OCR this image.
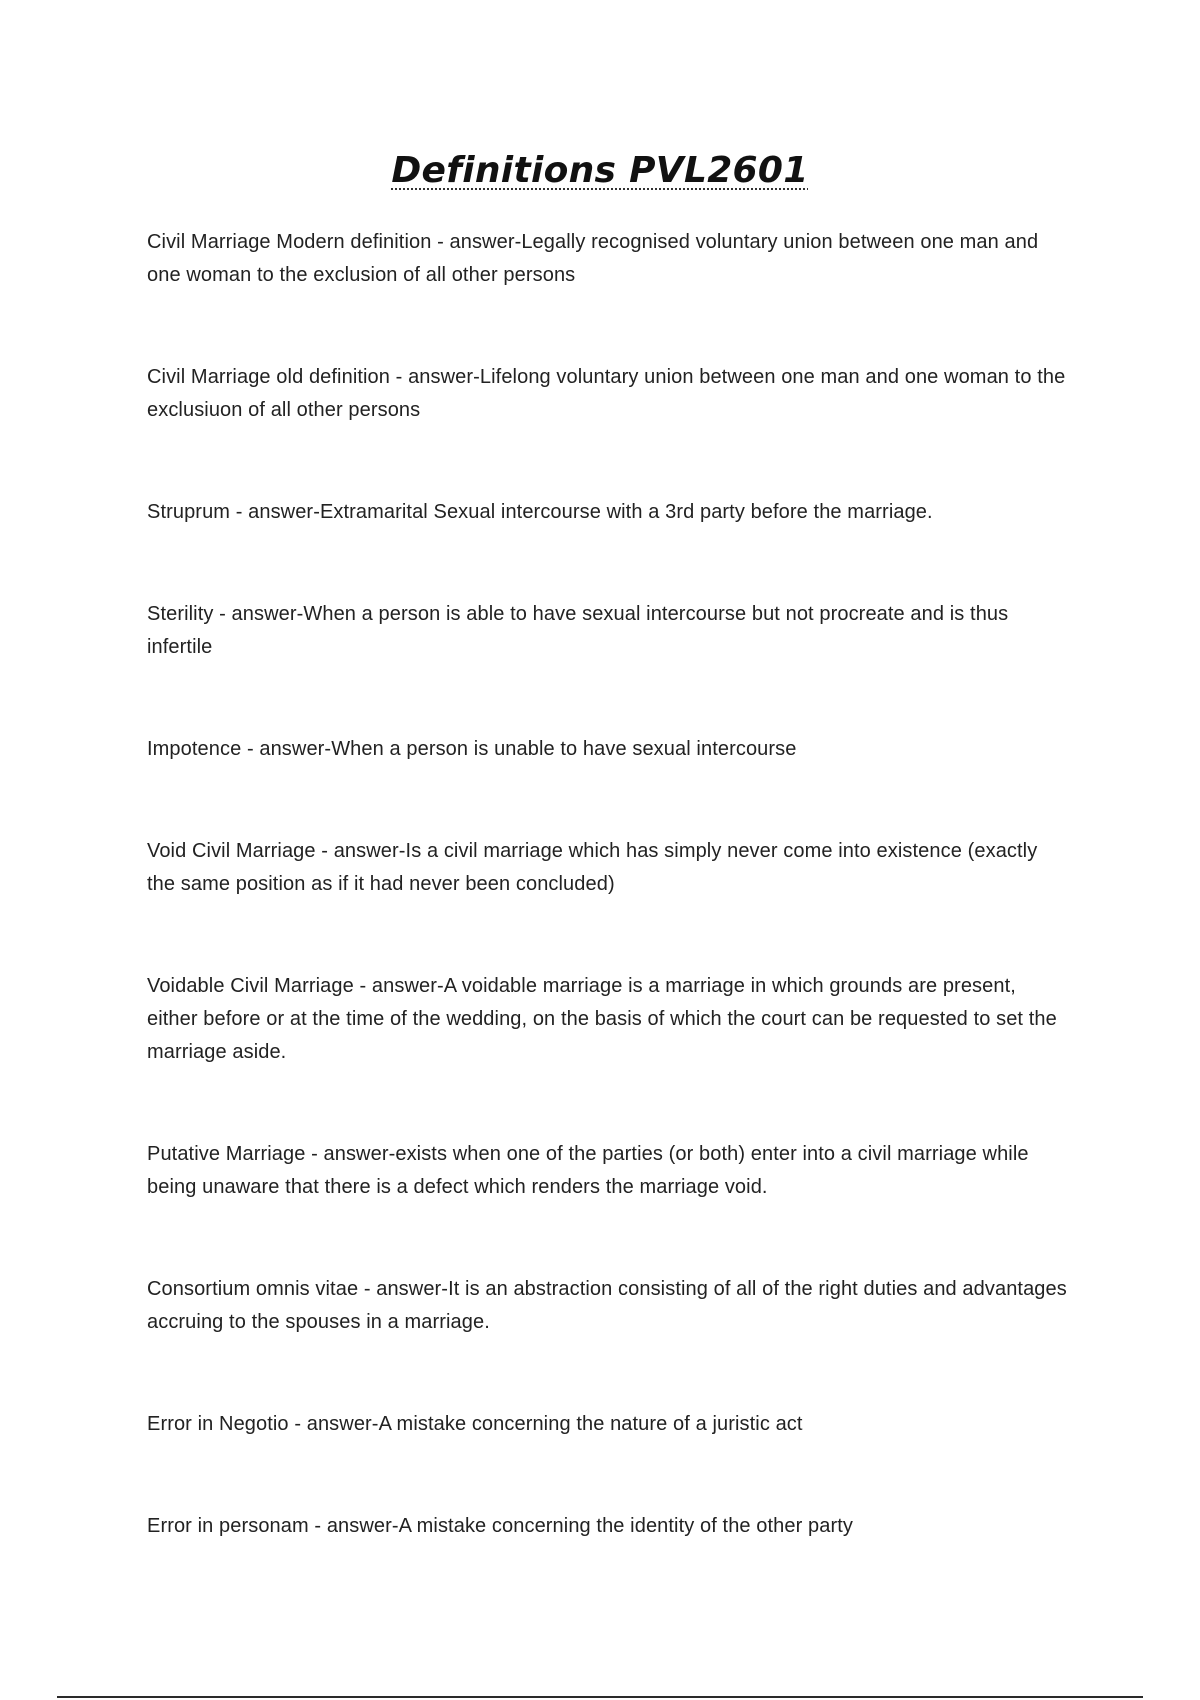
Definitions PVL2601
Civil Marriage Modern definition - answer-Legally recognised voluntary union between one man and one woman to the exclusion of all other persons
Civil Marriage old definition - answer-Lifelong voluntary union between one man and one woman to the exclusiuon of all other persons
Struprum - answer-Extramarital Sexual intercourse with a 3rd party before the marriage.
Sterility - answer-When a person is able to have sexual intercourse but not procreate and is thus infertile
Impotence - answer-When a person is unable to have sexual intercourse
Void Civil Marriage - answer-Is a civil marriage which has simply never come into existence (exactly the same position as if it had never been concluded)
Voidable Civil Marriage - answer-A voidable marriage is a marriage in which grounds are present, either before or at the time of the wedding, on the basis of which the court can be requested to set the marriage aside.
Putative Marriage - answer-exists when one of the parties (or both) enter into a civil marriage while being unaware that there is a defect which renders the marriage void.
Consortium omnis vitae - answer-It is an abstraction consisting of all of the right duties and advantages accruing to the spouses in a marriage.
Error in Negotio - answer-A mistake concerning the nature of a juristic act
Error in personam - answer-A mistake concerning the identity of the other party
